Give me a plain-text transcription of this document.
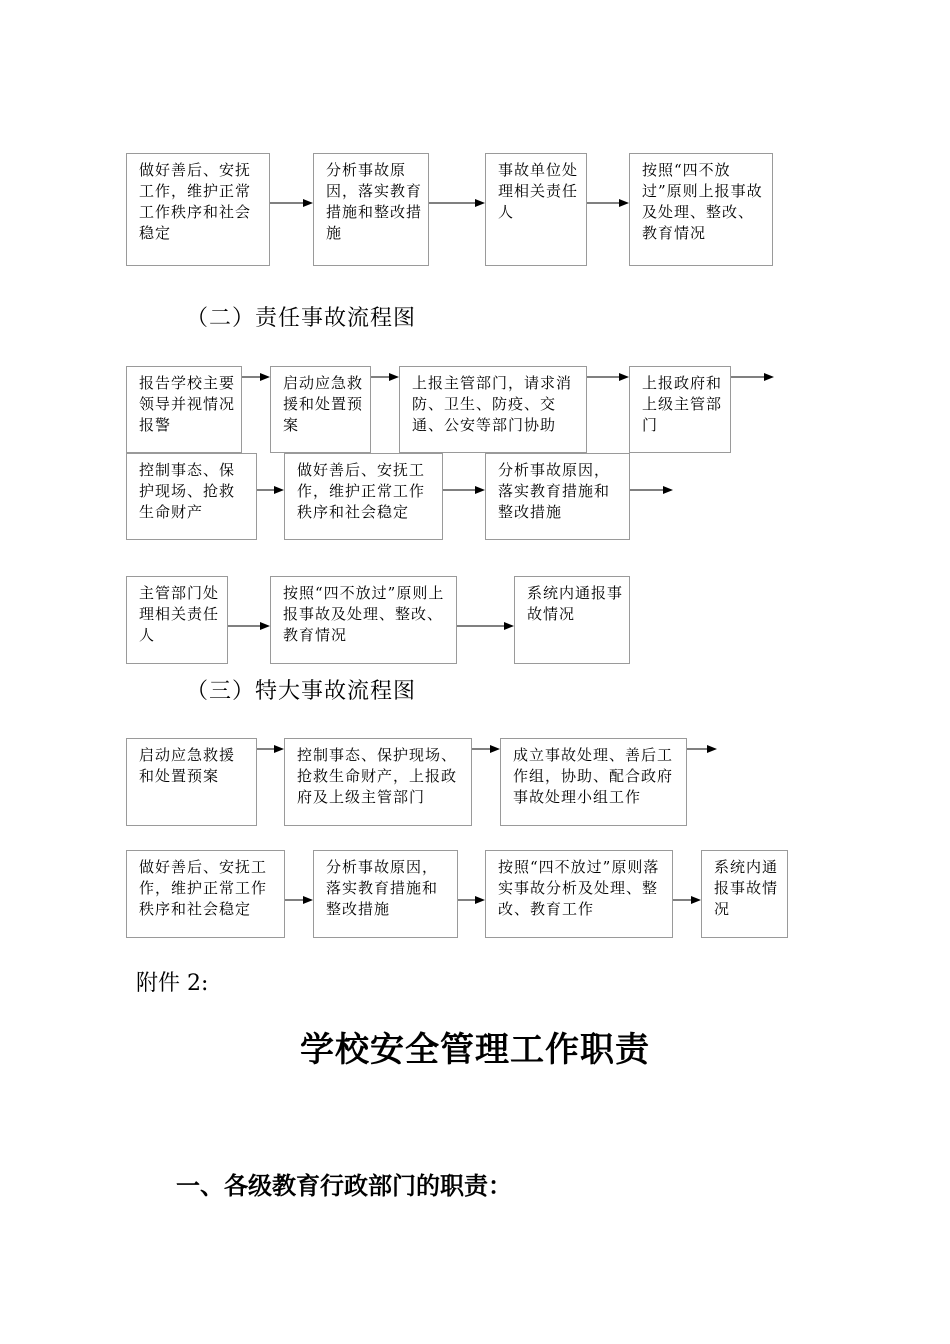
做好善后、安抚工作，维护正常工作秩序和社会稳定
分析事故原因，落实教育措施和整改措施
事故单位处理相关责任人
按照“四不放过”原则上报事故及处理、整改、教育情况
（二）责任事故流程图
报告学校主要领导并视情况报警
启动应急救援和处置预案
上报主管部门，请求消防、卫生、防疫、交通、公安等部门协助
上报政府和上级主管部门
控制事态、保护现场、抢救生命财产
做好善后、安抚工作，维护正常工作秩序和社会稳定
分析事故原因，落实教育措施和整改措施
主管部门处理相关责任人
按照“四不放过”原则上报事故及处理、整改、教育情况
系统内通报事故情况
（三）特大事故流程图
启动应急救援和处置预案
控制事态、保护现场、抢救生命财产，上报政府及上级主管部门
成立事故处理、善后工作组，协助、配合政府事故处理小组工作
做好善后、安抚工作，维护正常工作秩序和社会稳定
分析事故原因，落实教育措施和整改措施
按照“四不放过”原则落实事故分析及处理、整改、教育工作
系统内通报事故情况
附件 2:
学校安全管理工作职责
一、各级教育行政部门的职责：
